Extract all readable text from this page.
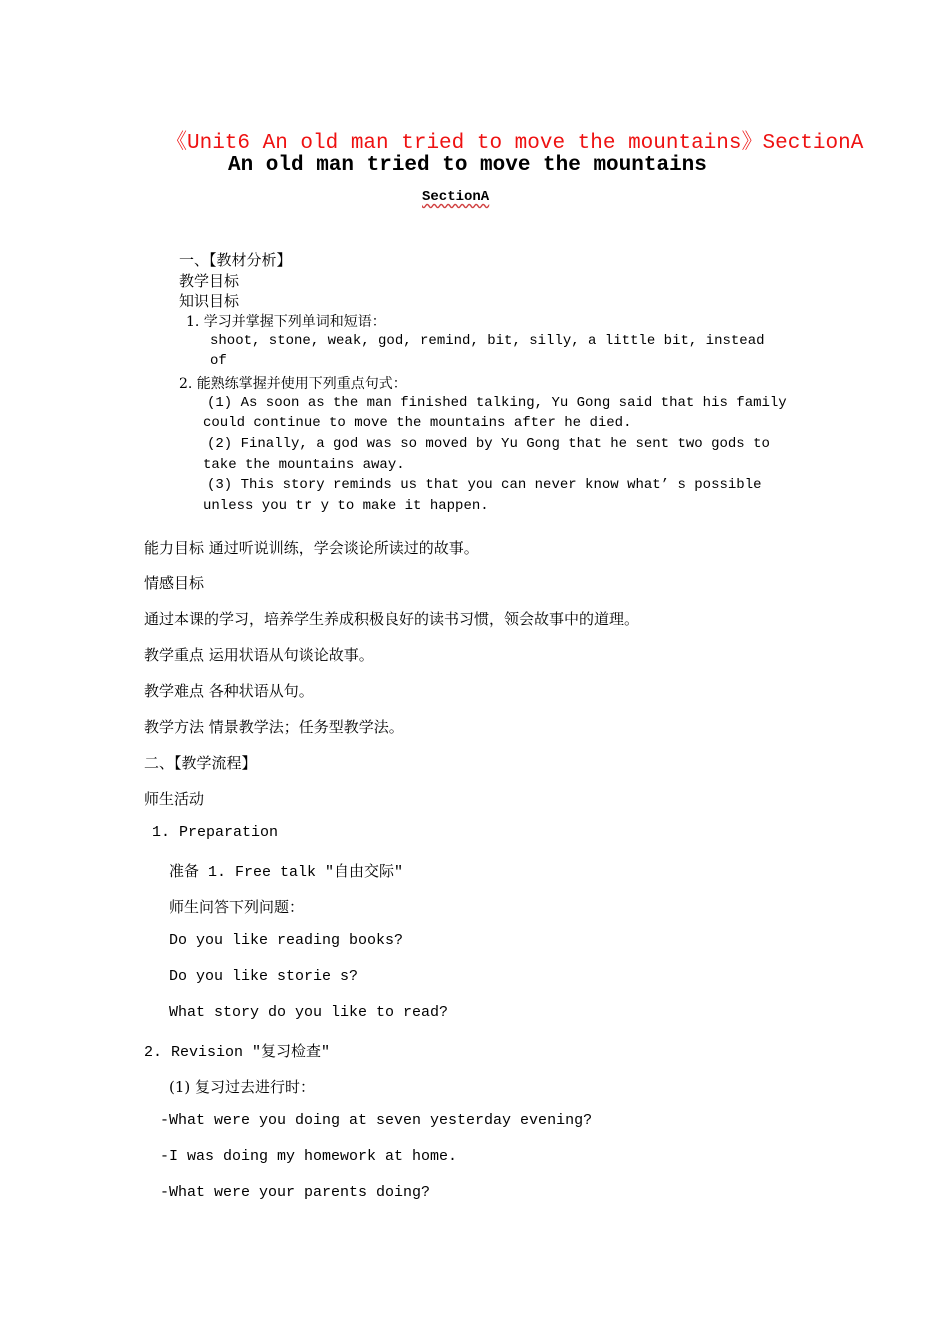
《Unit6 An old man tried to move the mountains》SectionA
An old man tried to move the mountains
SectionA
一、【教材分析】
教学目标
知识目标
1. 学习并掌握下列单词和短语：
shoot, stone, weak, god, remind, bit, silly, a little bit, instead
of
2. 能熟练掌握并使用下列重点句式：
(1) As soon as the man finished talking, Yu Gong said that his family
could continue to move the mountains after he died.
(2) Finally, a god was so moved by Yu Gong that he sent two gods to
take the mountains away.
(3) This story reminds us that you can never know what’ s possible
unless you tr y to make it happen.
能力目标 通过听说训练，学会谈论所读过的故事。
情感目标
通过本课的学习，培养学生养成积极良好的读书习惯，领会故事中的道理。
教学重点 运用状语从句谈论故事。
教学难点 各种状语从句。
教学方法 情景教学法；任务型教学法。
二、【教学流程】
师生活动
1. Preparation
准备 1. Free talk "自由交际"
师生问答下列问题：
Do you like reading books?
Do you like storie s?
What story do you like to read?
2. Revision "复习检查"
(1) 复习过去进行时：
-What were you doing at seven yesterday evening?
-I was doing my homework at home.
-What were your parents doing?
